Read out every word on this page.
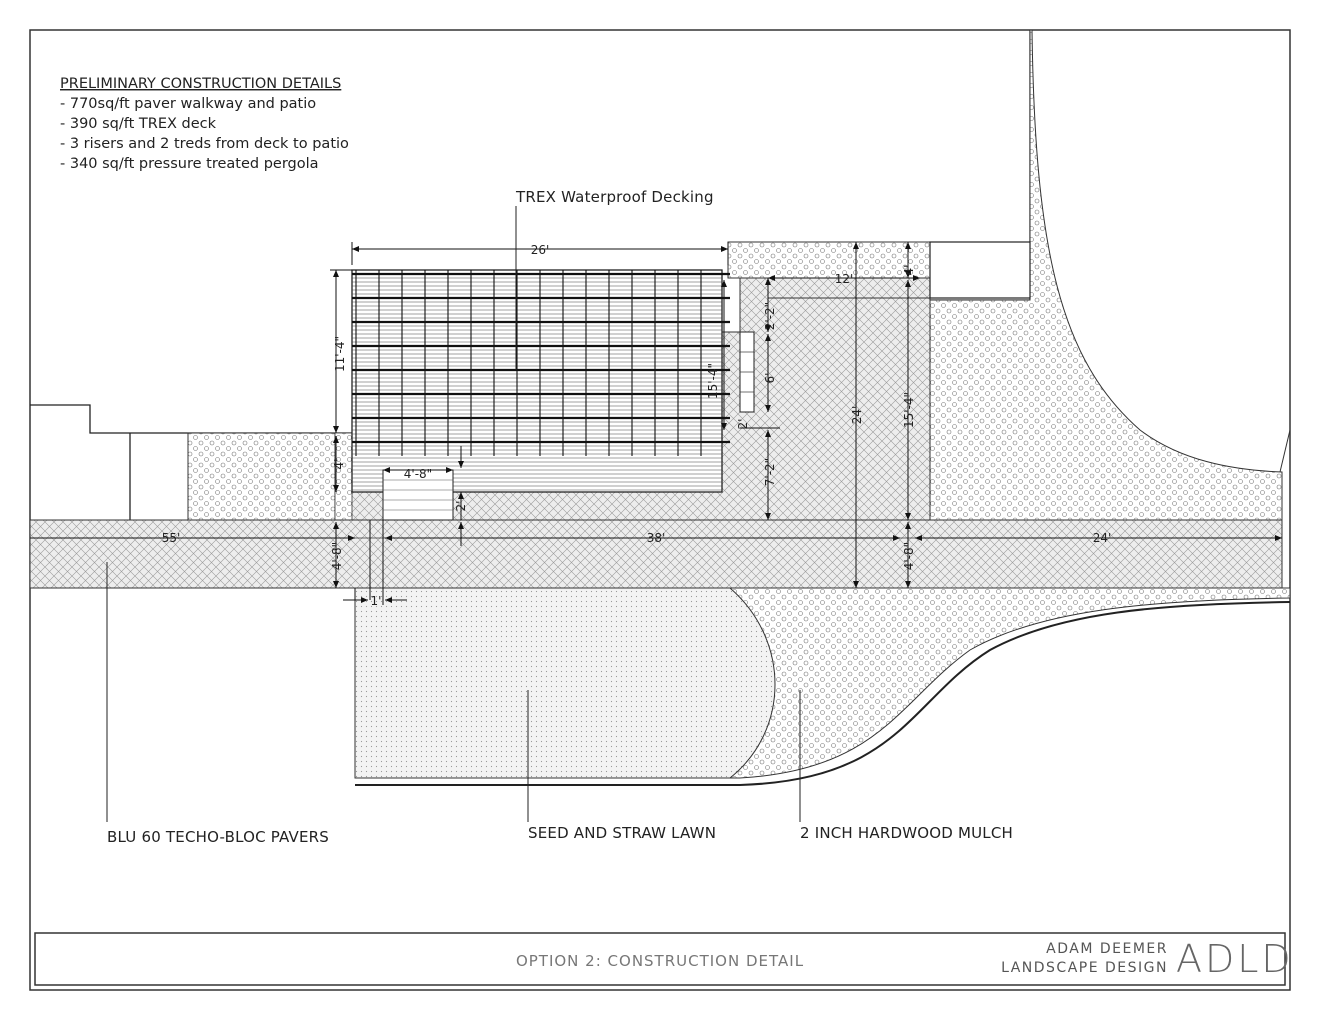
26'
11'-4"
4'
4'-8"
2'
15'-4"
2'-2"
6'
2'
7'-2"
12'
4'
24'	15'-4"
55'	38'	24'
4'-8"	4'-8"
1'
PRELIMINARY CONSTRUCTION DETAILS
- 770sq/ft paver walkway and patio
- 390 sq/ft TREX deck
- 3 risers and 2 treds from deck to patio
- 340 sq/ft pressure treated pergola
TREX Waterproof Decking
BLU 60 TECHO-BLOC PAVERS	SEED AND STRAW LAWN	2 INCH HARDWOOD MULCH
OPTION 2: CONSTRUCTION DETAIL
ADAM DEEMER
LANDSCAPE DESIGN ADLD
